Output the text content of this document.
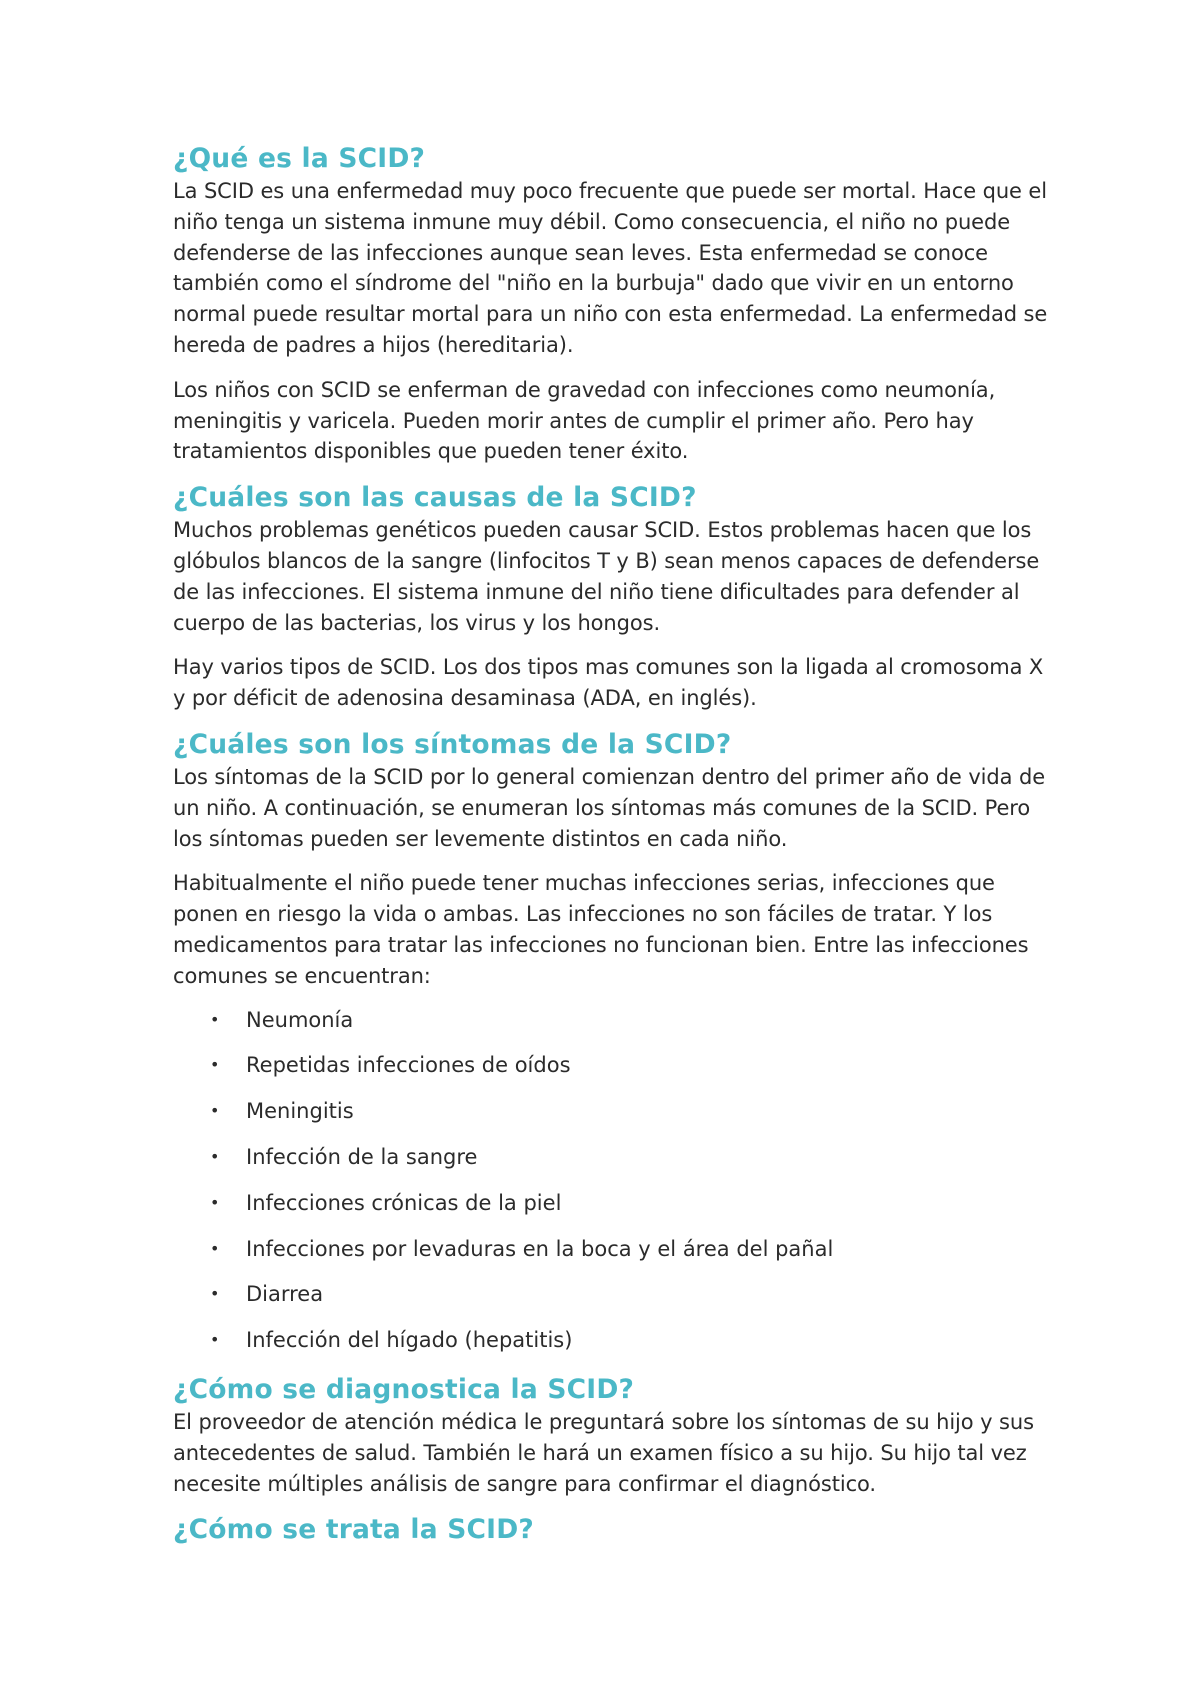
¿Qué es la SCID?

La SCID es una enfermedad muy poco frecuente que puede ser mortal. Hace que el niño tenga un sistema inmune muy débil. Como consecuencia, el niño no puede defenderse de las infecciones aunque sean leves. Esta enfermedad se conoce también como el síndrome del "niño en la burbuja" dado que vivir en un entorno normal puede resultar mortal para un niño con esta enfermedad. La enfermedad se hereda de padres a hijos (hereditaria).

Los niños con SCID se enferman de gravedad con infecciones como neumonía, meningitis y varicela. Pueden morir antes de cumplir el primer año. Pero hay tratamientos disponibles que pueden tener éxito.

¿Cuáles son las causas de la SCID?

Muchos problemas genéticos pueden causar SCID. Estos problemas hacen que los glóbulos blancos de la sangre (linfocitos T y B) sean menos capaces de defenderse de las infecciones. El sistema inmune del niño tiene dificultades para defender al cuerpo de las bacterias, los virus y los hongos.

Hay varios tipos de SCID. Los dos tipos mas comunes son la ligada al cromosoma X y por déficit de adenosina desaminasa (ADA, en inglés).

¿Cuáles son los síntomas de la SCID?

Los síntomas de la SCID por lo general comienzan dentro del primer año de vida de un niño. A continuación, se enumeran los síntomas más comunes de la SCID. Pero los síntomas pueden ser levemente distintos en cada niño.

Habitualmente el niño puede tener muchas infecciones serias, infecciones que ponen en riesgo la vida o ambas. Las infecciones no son fáciles de tratar. Y los medicamentos para tratar las infecciones no funcionan bien. Entre las infecciones comunes se encuentran:

• Neumonía
• Repetidas infecciones de oídos
• Meningitis
• Infección de la sangre
• Infecciones crónicas de la piel
• Infecciones por levaduras en la boca y el área del pañal
• Diarrea
• Infección del hígado (hepatitis)
¿Cómo se diagnostica la SCID?

El proveedor de atención médica le preguntará sobre los síntomas de su hijo y sus antecedentes de salud. También le hará un examen físico a su hijo. Su hijo tal vez necesite múltiples análisis de sangre para confirmar el diagnóstico.

¿Cómo se trata la SCID?
